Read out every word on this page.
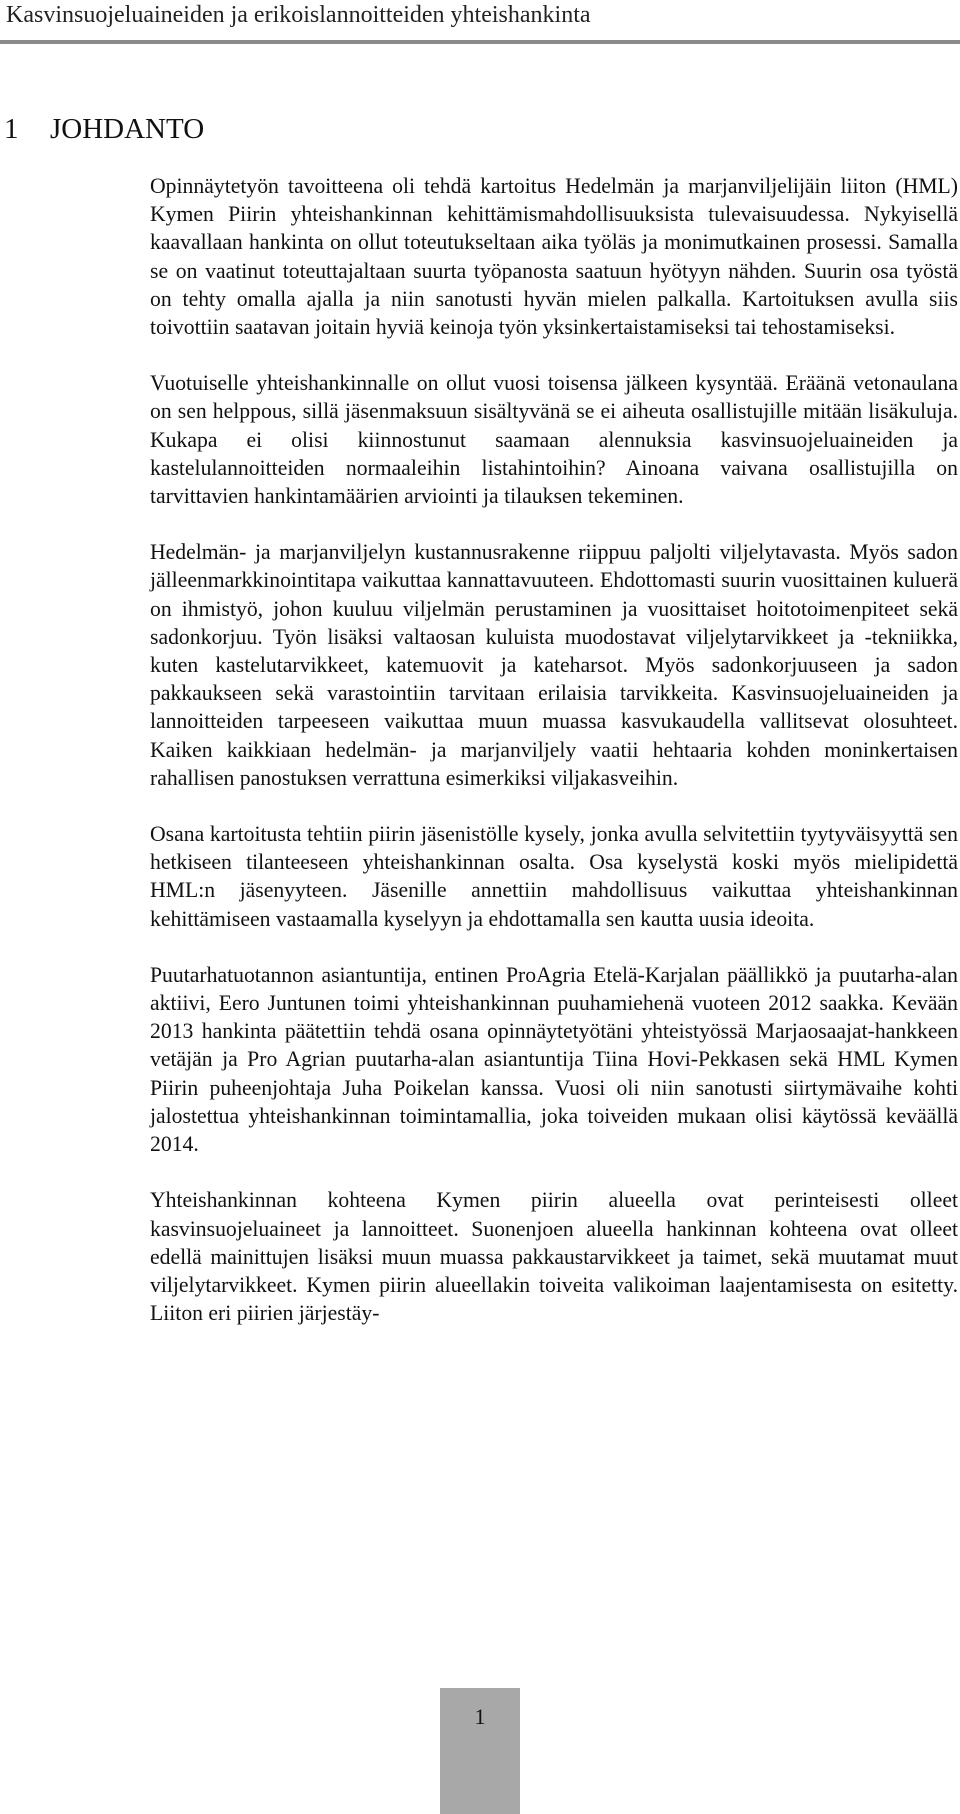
Kasvinsuojeluaineiden ja erikoislannoitteiden yhteishankinta
1 JOHDANTO

Opinnäytetyön tavoitteena oli tehdä kartoitus Hedelmän ja marjanviljelijäin liiton (HML) Kymen Piirin yhteishankinnan kehittämismahdollisuuksista tulevaisuudessa. Nykyisellä kaavallaan hankinta on ollut toteutukseltaan aika työläs ja monimutkainen prosessi. Samalla se on vaatinut toteuttajaltaan suurta työpanosta saatuun hyötyyn nähden. Suurin osa työstä on tehty omalla ajalla ja niin sanotusti hyvän mielen palkalla. Kartoituksen avulla siis toivottiin saatavan joitain hyviä keinoja työn yksinkertaistamiseksi tai tehostamiseksi.

Vuotuiselle yhteishankinnalle on ollut vuosi toisensa jälkeen kysyntää. Eräänä vetonaulana on sen helppous, sillä jäsenmaksuun sisältyvänä se ei aiheuta osallistujille mitään lisäkuluja. Kukapa ei olisi kiinnostunut saamaan alennuksia kasvinsuojeluaineiden ja kastelulannoitteiden normaaleihin listahintoihin? Ainoana vaivana osallistujilla on tarvittavien hankintamäärien arviointi ja tilauksen tekeminen.

Hedelmän- ja marjanviljelyn kustannusrakenne riippuu paljolti viljelytavasta. Myös sadon jälleenmarkkinointitapa vaikuttaa kannattavuuteen. Ehdottomasti suurin vuosittainen kuluerä on ihmistyö, johon kuuluu viljelmän perustaminen ja vuosittaiset hoitotoimenpiteet sekä sadonkorjuu. Työn lisäksi valtaosan kuluista muodostavat viljelytarvikkeet ja -tekniikka, kuten kastelutarvikkeet, katemuovit ja kateharsot. Myös sadonkorjuuseen ja sadon pakkaukseen sekä varastointiin tarvitaan erilaisia tarvikkeita. Kasvinsuojeluaineiden ja lannoitteiden tarpeeseen vaikuttaa muun muassa kasvukaudella vallitsevat olosuhteet. Kaiken kaikkiaan hedelmän- ja marjanviljely vaatii hehtaaria kohden moninkertaisen rahallisen panostuksen verrattuna esimerkiksi viljakasveihin.

Osana kartoitusta tehtiin piirin jäsenistölle kysely, jonka avulla selvitettiin tyytyväisyyttä sen hetkiseen tilanteeseen yhteishankinnan osalta. Osa kyselystä koski myös mielipidettä HML:n jäsenyyteen. Jäsenille annettiin mahdollisuus vaikuttaa yhteishankinnan kehittämiseen vastaamalla kyselyyn ja ehdottamalla sen kautta uusia ideoita.

Puutarhatuotannon asiantuntija, entinen ProAgria Etelä-Karjalan päällikkö ja puutarha-alan aktiivi, Eero Juntunen toimi yhteishankinnan puuhamiehenä vuoteen 2012 saakka. Kevään 2013 hankinta päätettiin tehdä osana opinnäytetyötäni yhteistyössä Marjaosaajat-hankkeen vetäjän ja Pro Agrian puutarha-alan asiantuntija Tiina Hovi-Pekkasen sekä HML Kymen Piirin puheenjohtaja Juha Poikelan kanssa. Vuosi oli niin sanotusti siirtymävaihe kohti jalostettua yhteishankinnan toimintamallia, joka toiveiden mukaan olisi käytössä keväällä 2014.

Yhteishankinnan kohteena Kymen piirin alueella ovat perinteisesti olleet kasvinsuojeluaineet ja lannoitteet. Suonenjoen alueella hankinnan kohteena ovat olleet edellä mainittujen lisäksi muun muassa pakkaustarvikkeet ja taimet, sekä muutamat muut viljelytarvikkeet. Kymen piirin alueellakin toiveita valikoiman laajentamisesta on esitetty. Liiton eri piirien järjestäy-

1
